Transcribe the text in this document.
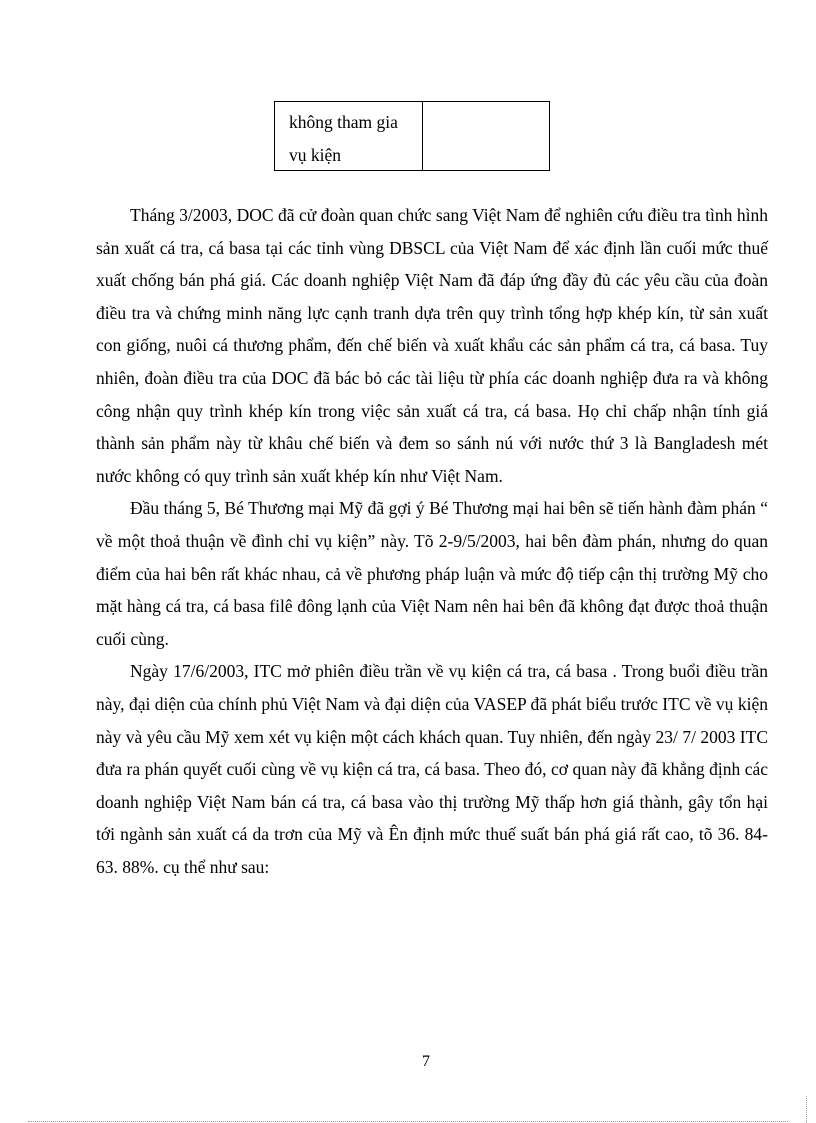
không tham gia
vụ kiện

Tháng 3/2003, DOC đã cử đoàn quan chức sang Việt Nam để nghiên cứu điều tra tình hình sản xuất cá tra, cá basa tại các tỉnh vùng DBSCL của Việt Nam để xác định lần cuối mức thuế xuất chống bán phá giá. Các doanh nghiệp Việt Nam đã đáp ứng đầy đủ các yêu cầu của đoàn điều tra và chứng minh năng lực cạnh tranh dựa trên quy trình tổng hợp khép kín, từ sản xuất con giống, nuôi cá thương phẩm, đến chế biến và xuất khẩu các sản phẩm cá tra, cá basa. Tuy nhiên, đoàn điều tra của DOC đã bác bỏ các tài liệu từ phía các doanh nghiệp đưa ra và không công nhận quy trình khép kín trong việc sản xuất cá tra, cá basa. Họ chỉ chấp nhận tính giá thành sản phẩm này từ khâu chế biến và đem so sánh nú với nước thứ 3 là Bangladesh mét nước không có quy trình sản xuất khép kín như Việt Nam.

Đầu tháng 5, Bé Thương mại Mỹ đã gợi ý Bé Thương mại hai bên sẽ tiến hành đàm phán “ về một thoả thuận về đình chỉ vụ kiện” này. Tõ 2-9/5/2003, hai bên đàm phán, nhưng do quan điểm của hai bên rất khác nhau, cả về phương pháp luận và mức độ tiếp cận thị trường Mỹ cho mặt hàng cá tra, cá basa filê đông lạnh của Việt Nam nên hai bên đã không đạt được thoả thuận cuối cùng.

Ngày 17/6/2003, ITC mở phiên điều trần về vụ kiện cá tra, cá basa . Trong buổi điều trần này, đại diện của chính phủ Việt Nam và đại diện của VASEP đã phát biểu trước ITC về vụ kiện này và yêu cầu Mỹ xem xét vụ kiện một cách khách quan. Tuy nhiên, đến ngày 23/ 7/ 2003 ITC đưa ra phán quyết cuối cùng về vụ kiện cá tra, cá basa. Theo đó, cơ quan này đã khẳng định các doanh nghiệp Việt Nam bán cá tra, cá basa vào thị trường Mỹ thấp hơn giá thành, gây tổn hại tới ngành sản xuất cá da trơn của Mỹ và Ên định mức thuế suất bán phá giá rất cao, tõ 36. 84-63. 88%. cụ thể như sau:

7
